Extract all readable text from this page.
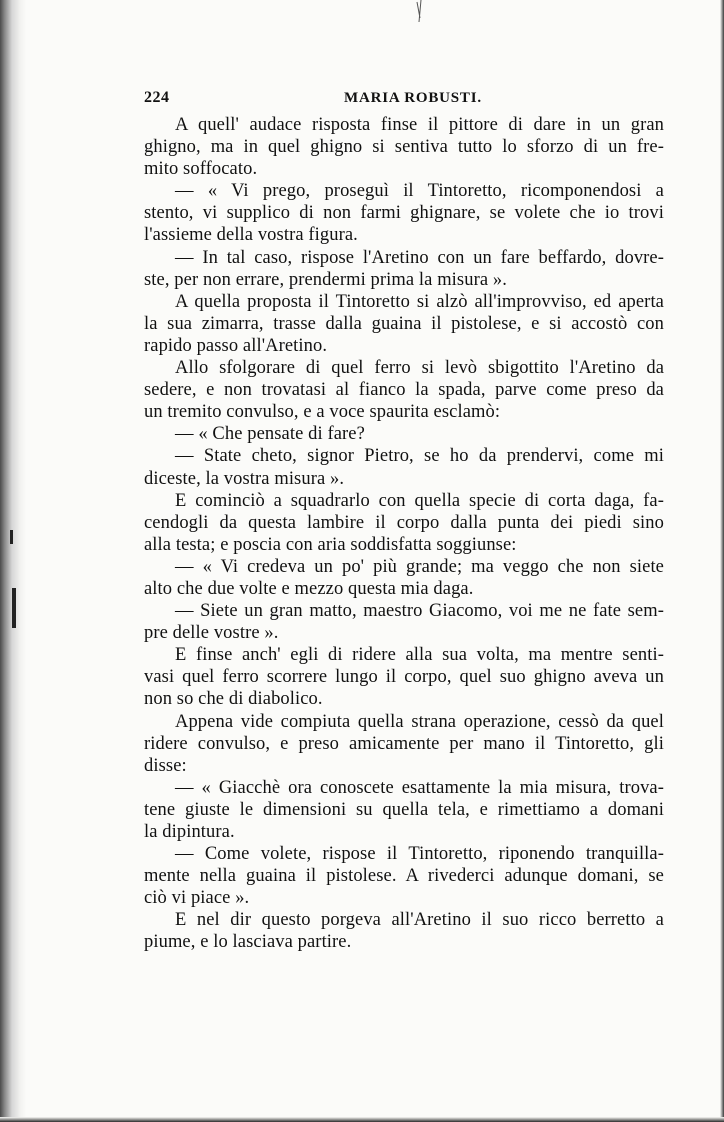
224	MARIA ROBUSTI.
A quell' audace risposta finse il pittore di dare in un gran
ghigno, ma in quel ghigno si sentiva tutto lo sforzo di un fre-
mito soffocato.
— « Vi prego, proseguì il Tintoretto, ricomponendosi a
stento, vi supplico di non farmi ghignare, se volete che io trovi
l'assieme della vostra figura.
— In tal caso, rispose l'Aretino con un fare beffardo, dovre-
ste, per non errare, prendermi prima la misura ».
A quella proposta il Tintoretto si alzò all'improvviso, ed aperta
la sua zimarra, trasse dalla guaina il pistolese, e si accostò con
rapido passo all'Aretino.
Allo sfolgorare di quel ferro si levò sbigottito l'Aretino da
sedere, e non trovatasi al fianco la spada, parve come preso da
un tremito convulso, e a voce spaurita esclamò:
— « Che pensate di fare?
— State cheto, signor Pietro, se ho da prendervi, come mi
diceste, la vostra misura ».
E cominciò a squadrarlo con quella specie di corta daga, fa-
cendogli da questa lambire il corpo dalla punta dei piedi sino
alla testa; e poscia con aria soddisfatta soggiunse:
— « Vi credeva un po' più grande; ma veggo che non siete
alto che due volte e mezzo questa mia daga.
— Siete un gran matto, maestro Giacomo, voi me ne fate sem-
pre delle vostre ».
E finse anch' egli di ridere alla sua volta, ma mentre senti-
vasi quel ferro scorrere lungo il corpo, quel suo ghigno aveva un
non so che di diabolico.
Appena vide compiuta quella strana operazione, cessò da quel
ridere convulso, e preso amicamente per mano il Tintoretto, gli
disse:
— « Giacchè ora conoscete esattamente la mia misura, trova-
tene giuste le dimensioni su quella tela, e rimettiamo a domani
la dipintura.
— Come volete, rispose il Tintoretto, riponendo tranquilla-
mente nella guaina il pistolese. A rivederci adunque domani, se
ciò vi piace ».
E nel dir questo porgeva all'Aretino il suo ricco berretto a
piume, e lo lasciava partire.
